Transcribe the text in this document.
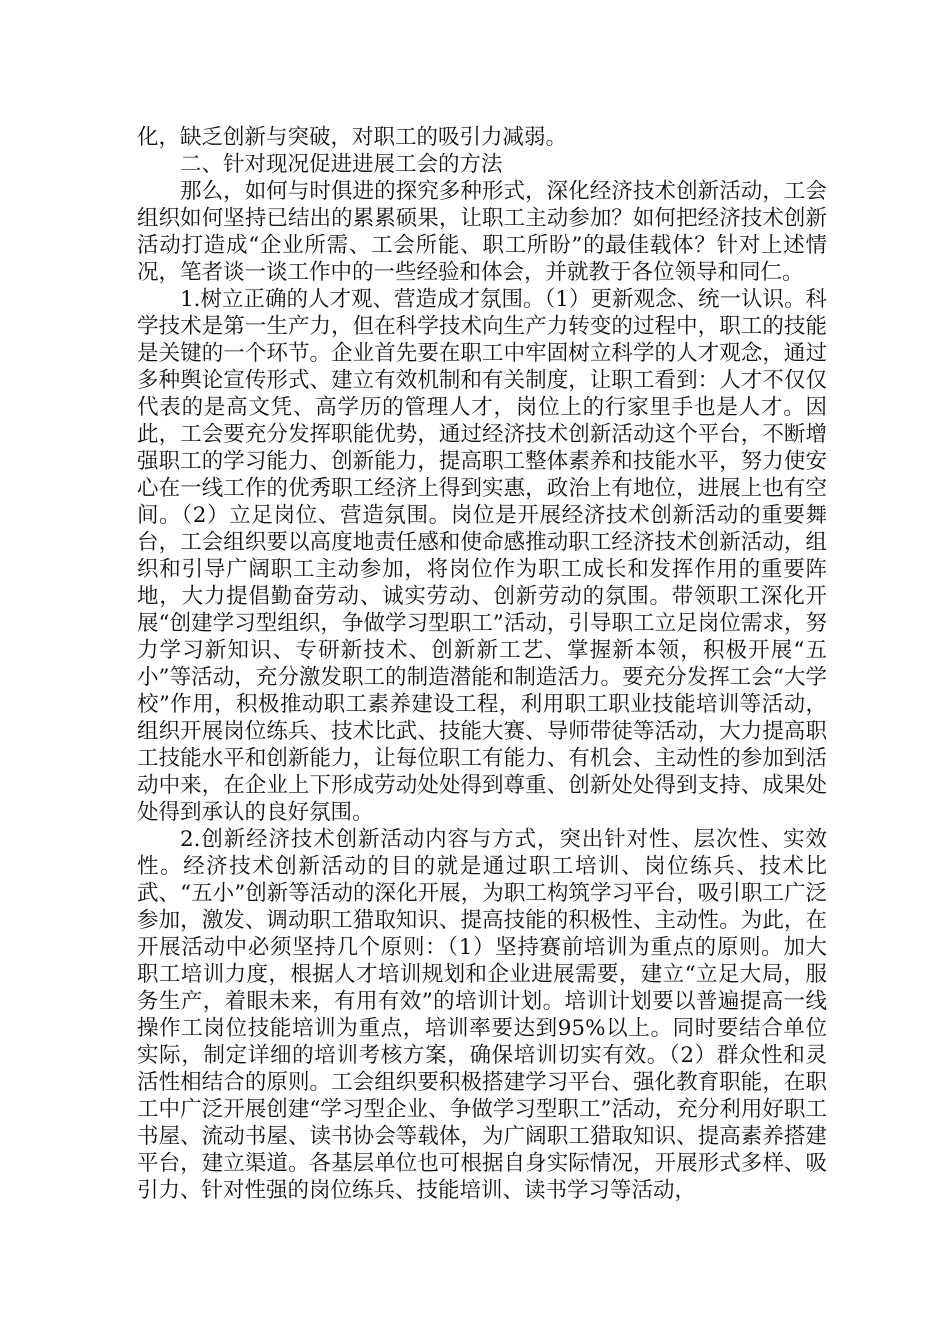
化，缺乏创新与突破，对职工的吸引力减弱。

二、针对现况促进进展工会的方法

那么，如何与时俱进的探究多种形式，深化经济技术创新活动，工会组织如何坚持已结出的累累硕果，让职工主动参加？如何把经济技术创新活动打造成“企业所需、工会所能、职工所盼”的最佳载体？针对上述情况，笔者谈一谈工作中的一些经验和体会，并就教于各位领导和同仁。

1.树立正确的人才观、营造成才氛围。（1）更新观念、统一认识。科学技术是第一生产力，但在科学技术向生产力转变的过程中，职工的技能是关键的一个环节。企业首先要在职工中牢固树立科学的人才观念，通过多种舆论宣传形式、建立有效机制和有关制度，让职工看到：人才不仅仅代表的是高文凭、高学历的管理人才，岗位上的行家里手也是人才。因此，工会要充分发挥职能优势，通过经济技术创新活动这个平台，不断增强职工的学习能力、创新能力，提高职工整体素养和技能水平，努力使安心在一线工作的优秀职工经济上得到实惠，政治上有地位，进展上也有空间。（2）立足岗位、营造氛围。岗位是开展经济技术创新活动的重要舞台，工会组织要以高度地责任感和使命感推动职工经济技术创新活动，组织和引导广阔职工主动参加，将岗位作为职工成长和发挥作用的重要阵地，大力提倡勤奋劳动、诚实劳动、创新劳动的氛围。带领职工深化开展“创建学习型组织，争做学习型职工”活动，引导职工立足岗位需求，努力学习新知识、专研新技术、创新新工艺、掌握新本领，积极开展“五小”等活动，充分激发职工的制造潜能和制造活力。要充分发挥工会“大学校”作用，积极推动职工素养建设工程，利用职工职业技能培训等活动，组织开展岗位练兵、技术比武、技能大赛、导师带徒等活动，大力提高职工技能水平和创新能力，让每位职工有能力、有机会、主动性的参加到活动中来，在企业上下形成劳动处处得到尊重、创新处处得到支持、成果处处得到承认的良好氛围。

2.创新经济技术创新活动内容与方式，突出针对性、层次性、实效性。经济技术创新活动的目的就是通过职工培训、岗位练兵、技术比武、“五小”创新等活动的深化开展，为职工构筑学习平台，吸引职工广泛参加，激发、调动职工猎取知识、提高技能的积极性、主动性。为此，在开展活动中必须坚持几个原则：（1）坚持赛前培训为重点的原则。加大职工培训力度，根据人才培训规划和企业进展需要，建立“立足大局，服务生产，着眼未来，有用有效”的培训计划。培训计划要以普遍提高一线操作工岗位技能培训为重点，培训率要达到95%以上。同时要结合单位实际，制定详细的培训考核方案，确保培训切实有效。（2）群众性和灵活性相结合的原则。工会组织要积极搭建学习平台、强化教育职能，在职工中广泛开展创建“学习型企业、争做学习型职工”活动，充分利用好职工书屋、流动书屋、读书协会等载体，为广阔职工猎取知识、提高素养搭建平台，建立渠道。各基层单位也可根据自身实际情况，开展形式多样、吸引力、针对性强的岗位练兵、技能培训、读书学习等活动，
